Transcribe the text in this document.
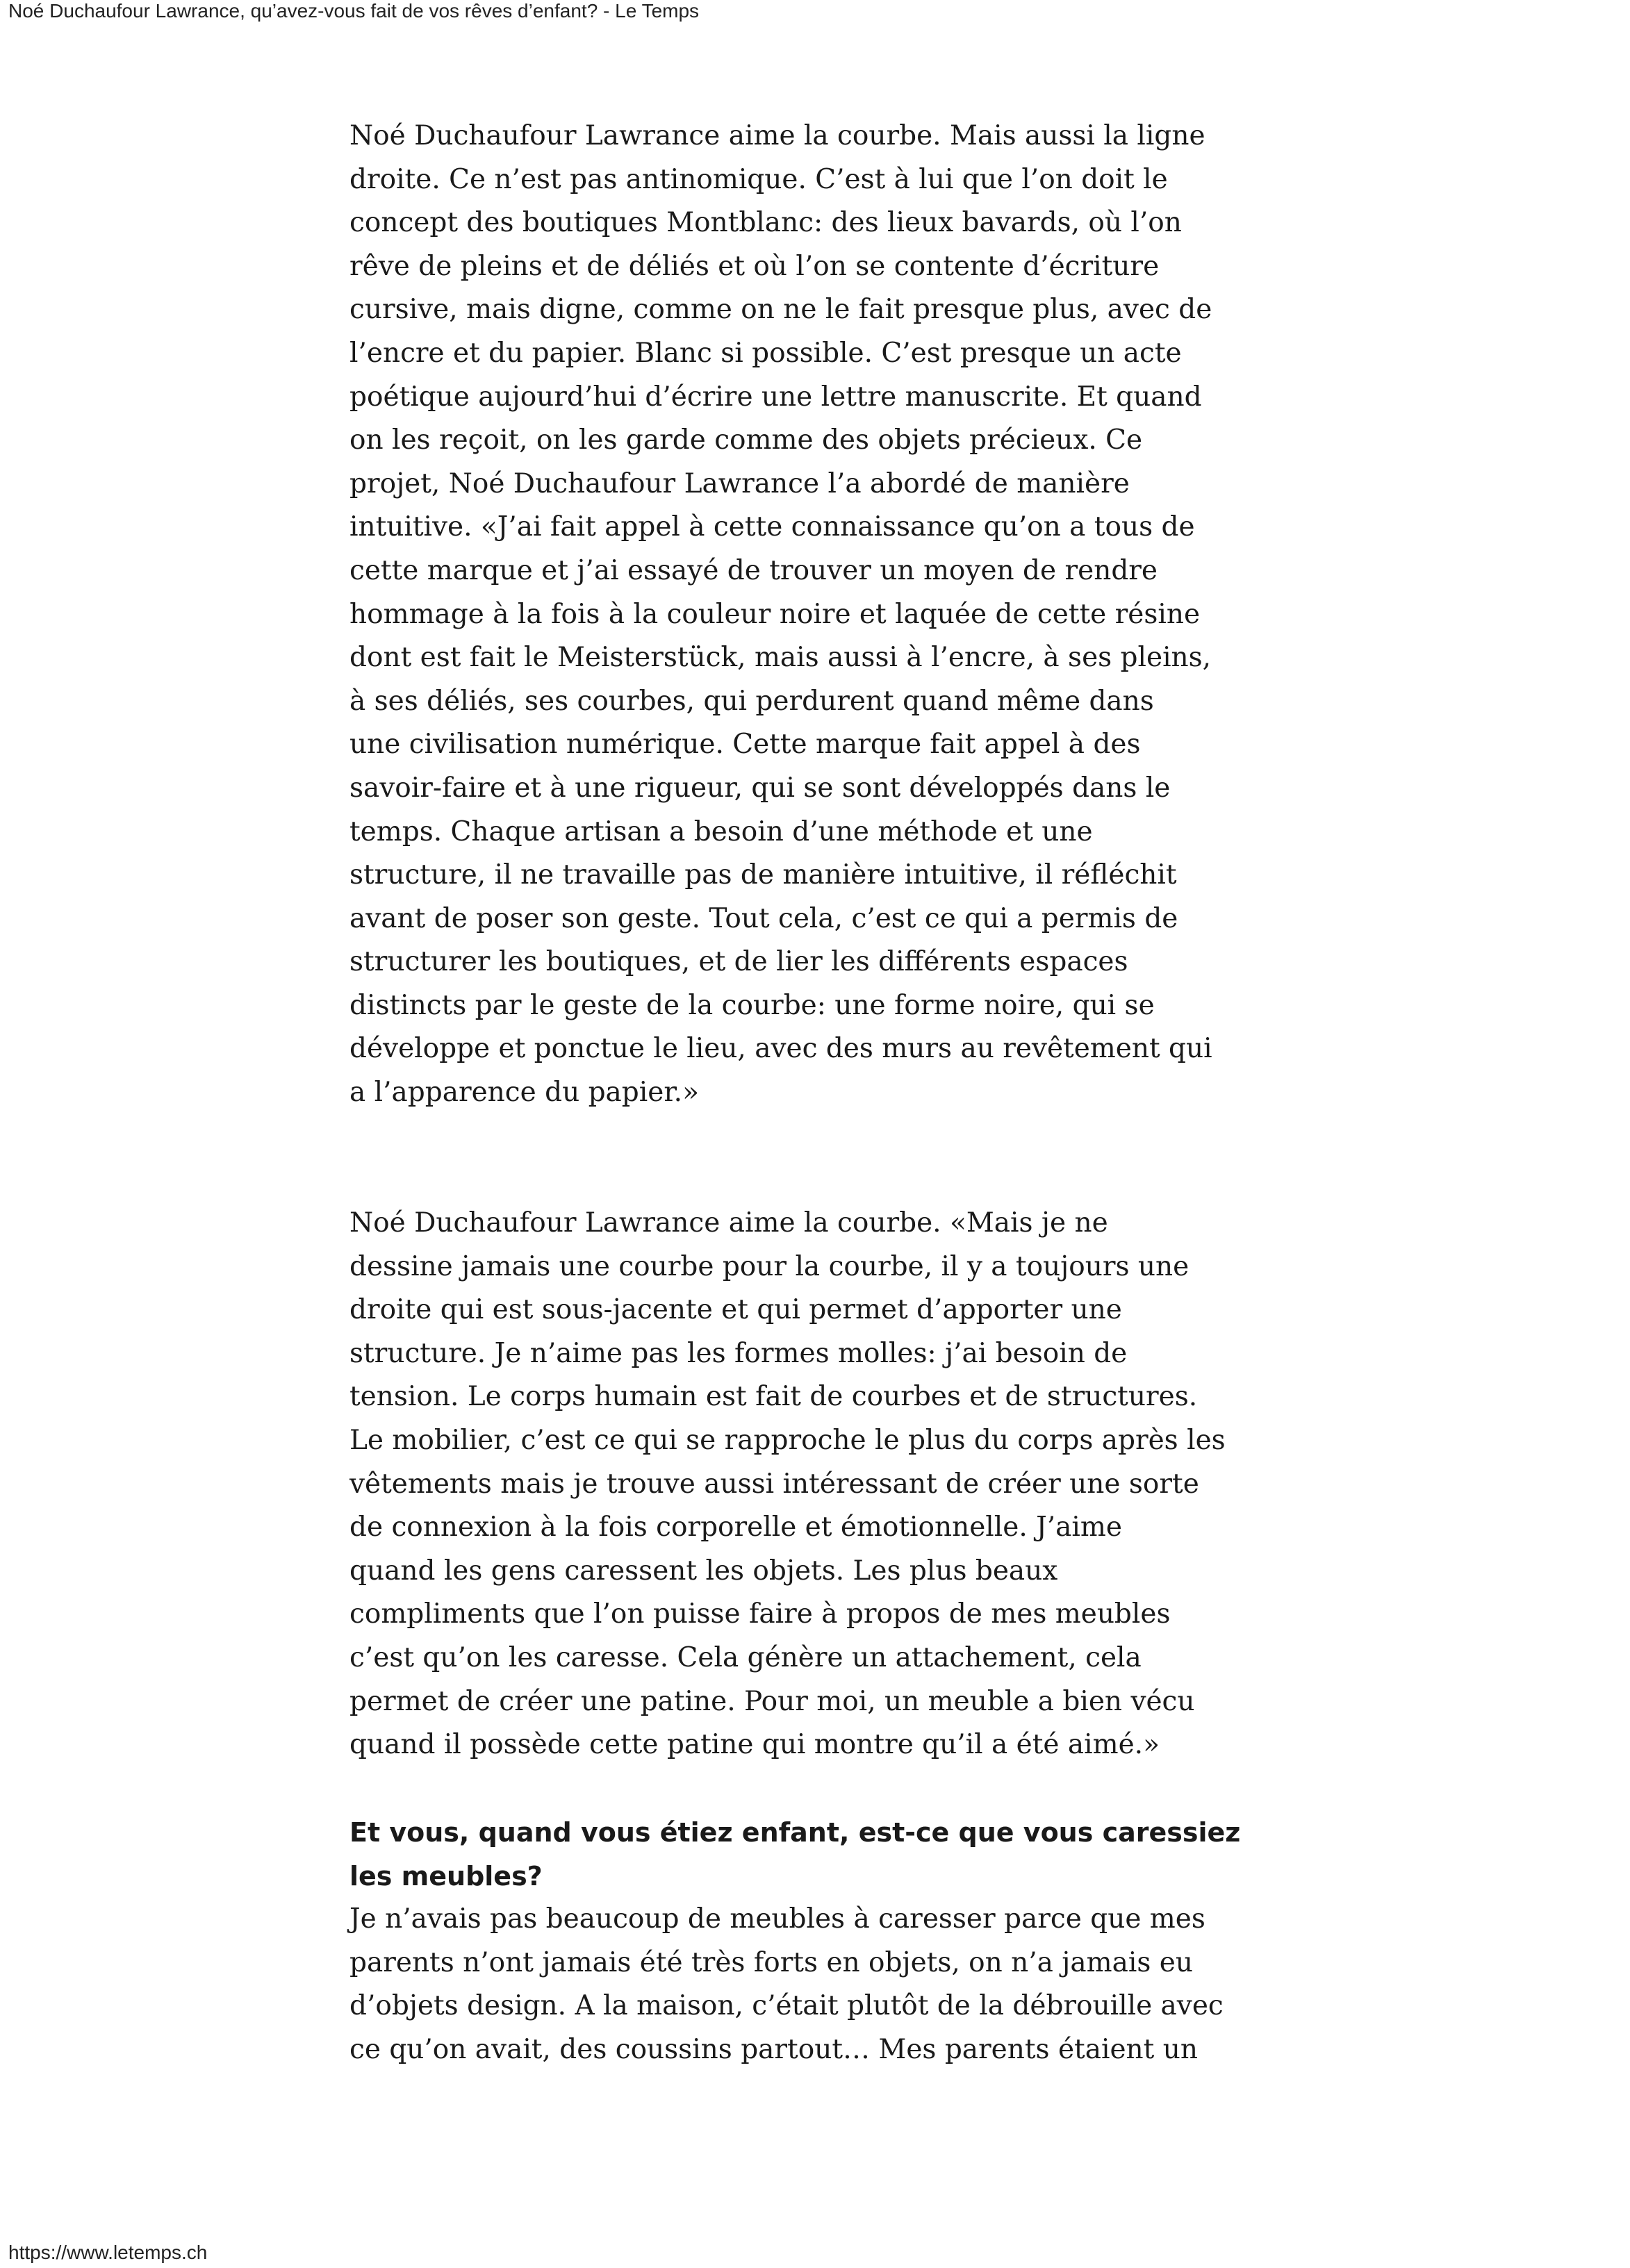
Noé Duchaufour Lawrance, qu’avez-vous fait de vos rêves d’enfant? - Le Temps
Noé Duchaufour Lawrance aime la courbe. Mais aussi la ligne
droite. Ce n’est pas antinomique. C’est à lui que l’on doit le
concept des boutiques Montblanc: des lieux bavards, où l’on
rêve de pleins et de déliés et où l’on se contente d’écriture
cursive, mais digne, comme on ne le fait presque plus, avec de
l’encre et du papier. Blanc si possible. C’est presque un acte
poétique aujourd’hui d’écrire une lettre manuscrite. Et quand
on les reçoit, on les garde comme des objets précieux. Ce
projet, Noé Duchaufour Lawrance l’a abordé de manière
intuitive. «J’ai fait appel à cette connaissance qu’on a tous de
cette marque et j’ai essayé de trouver un moyen de rendre
hommage à la fois à la couleur noire et laquée de cette résine
dont est fait le Meisterstück, mais aussi à l’encre, à ses pleins,
à ses déliés, ses courbes, qui perdurent quand même dans
une civilisation numérique. Cette marque fait appel à des
savoir-faire et à une rigueur, qui se sont développés dans le
temps. Chaque artisan a besoin d’une méthode et une
structure, il ne travaille pas de manière intuitive, il réfléchit
avant de poser son geste. Tout cela, c’est ce qui a permis de
structurer les boutiques, et de lier les différents espaces
distincts par le geste de la courbe: une forme noire, qui se
développe et ponctue le lieu, avec des murs au revêtement qui
a l’apparence du papier.»
Noé Duchaufour Lawrance aime la courbe. «Mais je ne
dessine jamais une courbe pour la courbe, il y a toujours une
droite qui est sous-jacente et qui permet d’apporter une
structure. Je n’aime pas les formes molles: j’ai besoin de
tension. Le corps humain est fait de courbes et de structures.
Le mobilier, c’est ce qui se rapproche le plus du corps après les
vêtements mais je trouve aussi intéressant de créer une sorte
de connexion à la fois corporelle et émotionnelle. J’aime
quand les gens caressent les objets. Les plus beaux
compliments que l’on puisse faire à propos de mes meubles
c’est qu’on les caresse. Cela génère un attachement, cela
permet de créer une patine. Pour moi, un meuble a bien vécu
quand il possède cette patine qui montre qu’il a été aimé.»
Et vous, quand vous étiez enfant, est-ce que vous caressiez
les meubles?
Je n’avais pas beaucoup de meubles à caresser parce que mes
parents n’ont jamais été très forts en objets, on n’a jamais eu
d’objets design. A la maison, c’était plutôt de la débrouille avec
ce qu’on avait, des coussins partout… Mes parents étaient un
https://www.letemps.ch
